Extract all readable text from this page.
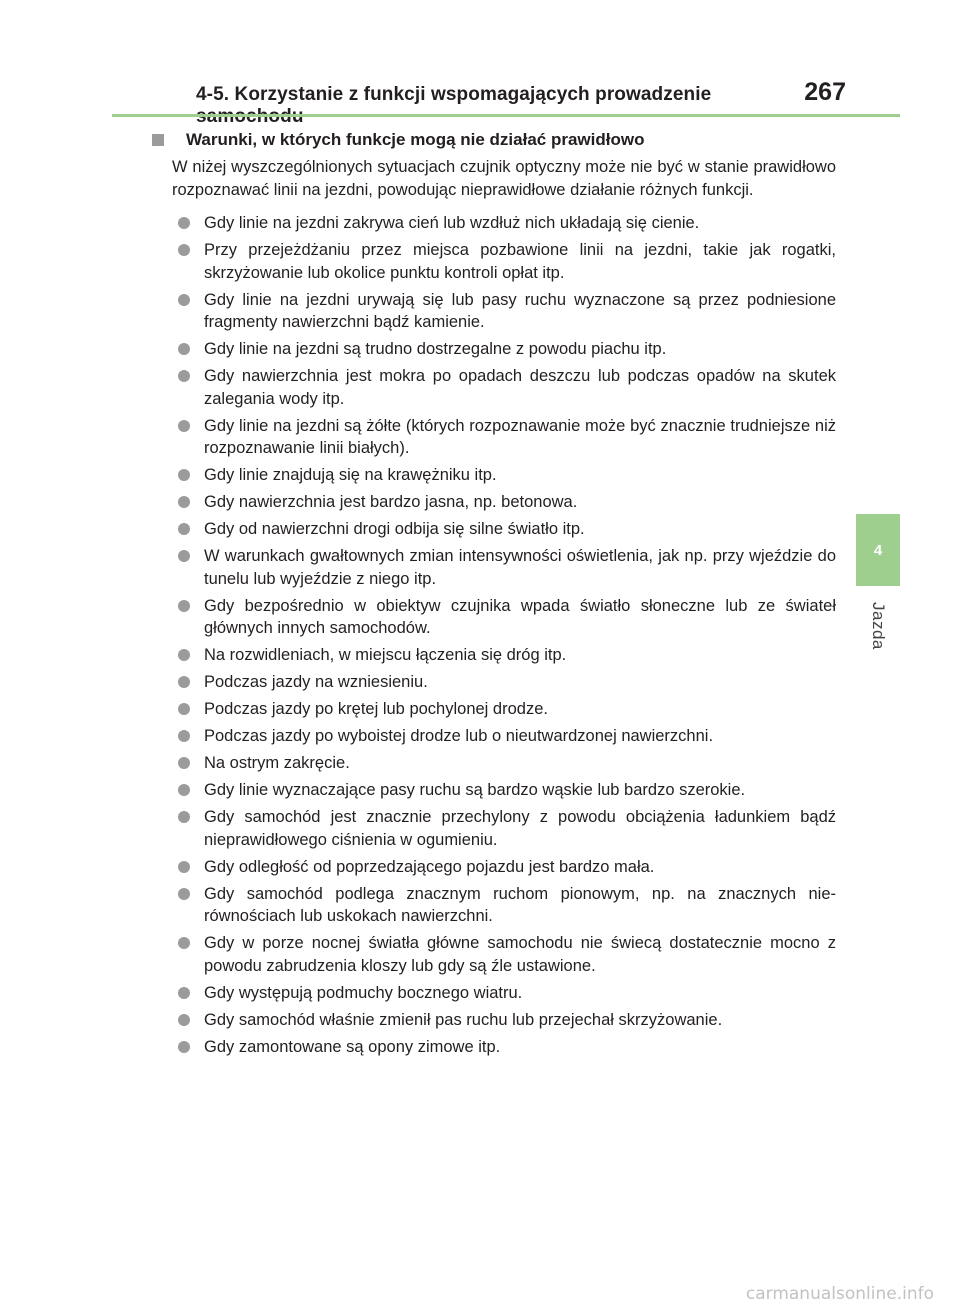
4-5. Korzystanie z funkcji wspomagających prowadzenie	267
4
Jazda
Warunki, w których funkcje mogą nie działać prawidłowo

W niżej wyszczególnionych sytuacjach czujnik optyczny może nie być w stanie prawidłowo rozpoznawać linii na jezdni, powodując nieprawidłowe działanie różnych funkcji.

Gdy linie na jezdni zakrywa cień lub wzdłuż nich układają się cienie.
Przy przejeżdżaniu przez miejsca pozbawione linii na jezdni, takie jak rogatki, skrzyżowanie lub okolice punktu kontroli opłat itp.
Gdy linie na jezdni urywają się lub pasy ruchu wyznaczone są przez podniesione fragmenty nawierzchni bądź kamienie.
Gdy linie na jezdni są trudno dostrzegalne z powodu piachu itp.
Gdy nawierzchnia jest mokra po opadach deszczu lub podczas opadów na skutek zalegania wody itp.
Gdy linie na jezdni są żółte (których rozpoznawanie może być znacznie trudniejsze niż rozpoznawanie linii białych).
Gdy linie znajdują się na krawężniku itp.
Gdy nawierzchnia jest bardzo jasna, np. betonowa.
Gdy od nawierzchni drogi odbija się silne światło itp.
W warunkach gwałtownych zmian intensywności oświetlenia, jak np. przy wjeździe do tunelu lub wyjeździe z niego itp.
Gdy bezpośrednio w obiektyw czujnika wpada światło słoneczne lub ze świateł głównych innych samochodów.
Na rozwidleniach, w miejscu łączenia się dróg itp.
Podczas jazdy na wzniesieniu.
Podczas jazdy po krętej lub pochylonej drodze.
Podczas jazdy po wyboistej drodze lub o nieutwardzonej nawierzchni.
Na ostrym zakręcie.
Gdy linie wyznaczające pasy ruchu są bardzo wąskie lub bardzo szerokie.
Gdy samochód jest znacznie przechylony z powodu obciążenia ładunkiem bądź nieprawidłowego ciśnienia w ogumieniu.
Gdy odległość od poprzedzającego pojazdu jest bardzo mała.
Gdy samochód podlega znacznym ruchom pionowym, np. na znacznych nierównościach lub uskokach nawierzchni.
Gdy w porze nocnej światła główne samochodu nie świecą dostatecznie mocno z powodu zabrudzenia kloszy lub gdy są źle ustawione.
Gdy występują podmuchy bocznego wiatru.
Gdy samochód właśnie zmienił pas ruchu lub przejechał skrzyżowanie.
Gdy zamontowane są opony zimowe itp.
carmanualsonline.info
